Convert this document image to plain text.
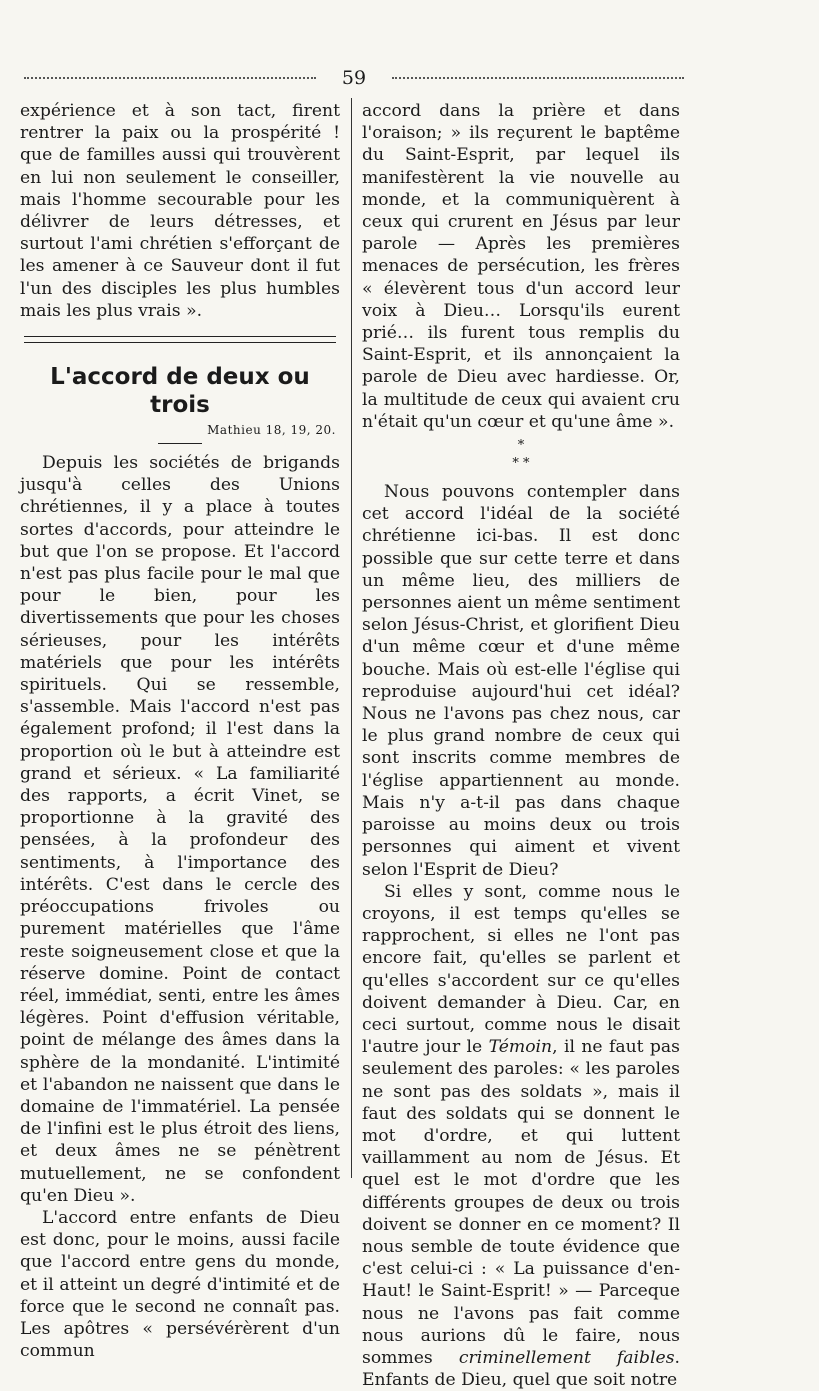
59

expérience et à son tact, firent rentrer la paix ou la prospérité ! que de familles aussi qui trouvèrent en lui non seulement le conseiller, mais l'homme secourable pour les délivrer de leurs détresses, et surtout l'ami chrétien s'efforçant de les amener à ce Sauveur dont il fut l'un des disciples les plus humbles mais les plus vrais ».

L'accord de deux ou trois
Mathieu 18, 19, 20.

Depuis les sociétés de brigands jusqu'à celles des Unions chrétiennes, il y a place à toutes sortes d'accords, pour atteindre le but que l'on se propose. Et l'accord n'est pas plus facile pour le mal que pour le bien, pour les divertissements que pour les choses sérieuses, pour les intérêts matériels que pour les intérêts spirituels. Qui se ressemble, s'assemble. Mais l'accord n'est pas également profond; il l'est dans la proportion où le but à atteindre est grand et sérieux. « La familiarité des rapports, a écrit Vinet, se proportionne à la gravité des pensées, à la profondeur des sentiments, à l'importance des intérêts. C'est dans le cercle des préoccupations frivoles ou purement matérielles que l'âme reste soigneusement close et que la réserve domine. Point de contact réel, immédiat, senti, entre les âmes légères. Point d'effusion véritable, point de mélange des âmes dans la sphère de la mondanité. L'intimité et l'abandon ne naissent que dans le domaine de l'immatériel. La pensée de l'infini est le plus étroit des liens, et deux âmes ne se pénètrent mutuellement, ne se confondent qu'en Dieu ».

L'accord entre enfants de Dieu est donc, pour le moins, aussi facile que l'accord entre gens du monde, et il atteint un degré d'intimité et de force que le second ne connaît pas. Les apôtres « persévérèrent d'un commun

accord dans la prière et dans l'oraison; » ils reçurent le baptême du Saint-Esprit, par lequel ils manifestèrent la vie nouvelle au monde, et la communiquèrent à ceux qui crurent en Jésus par leur parole — Après les premières menaces de persécution, les frères « élevèrent tous d'un accord leur voix à Dieu… Lorsqu'ils eurent prié… ils furent tous remplis du Saint-Esprit, et ils annonçaient la parole de Dieu avec hardiesse. Or, la multitude de ceux qui avaient cru n'était qu'un cœur et qu'une âme ».

*
* *

Nous pouvons contempler dans cet accord l'idéal de la société chrétienne ici-bas. Il est donc possible que sur cette terre et dans un même lieu, des milliers de personnes aient un même sentiment selon Jésus-Christ, et glorifient Dieu d'un même cœur et d'une même bouche. Mais où est-elle l'église qui reproduise aujourd'hui cet idéal? Nous ne l'avons pas chez nous, car le plus grand nombre de ceux qui sont inscrits comme membres de l'église appartiennent au monde. Mais n'y a-t-il pas dans chaque paroisse au moins deux ou trois personnes qui aiment et vivent selon l'Esprit de Dieu?

Si elles y sont, comme nous le croyons, il est temps qu'elles se rapprochent, si elles ne l'ont pas encore fait, qu'elles se parlent et qu'elles s'accordent sur ce qu'elles doivent demander à Dieu. Car, en ceci surtout, comme nous le disait l'autre jour le Témoin, il ne faut pas seulement des paroles: « les paroles ne sont pas des soldats », mais il faut des soldats qui se donnent le mot d'ordre, et qui luttent vaillamment au nom de Jésus. Et quel est le mot d'ordre que les différents groupes de deux ou trois doivent se donner en ce moment? Il nous semble de toute évidence que c'est celui-ci : « La puissance d'en-Haut! le Saint-Esprit! » — Parceque nous ne l'avons pas fait comme nous aurions dû le faire, nous sommes criminellement faibles. Enfants de Dieu, quel que soit notre
